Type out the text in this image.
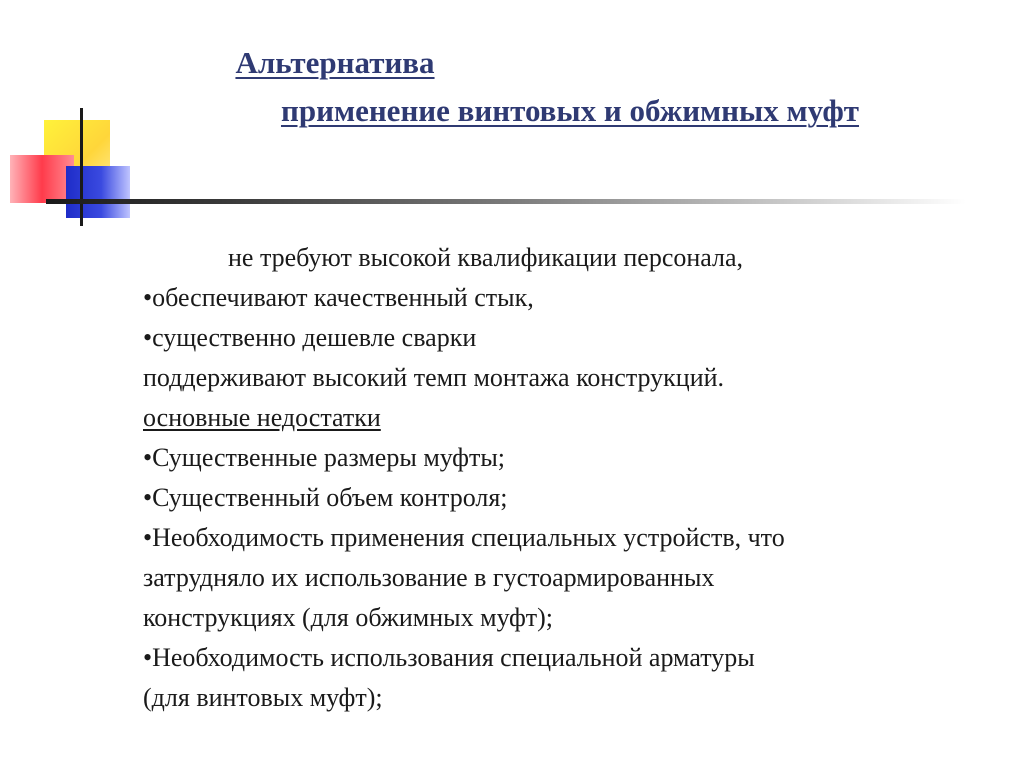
Альтернатива
применение винтовых и обжимных муфт
не требуют высокой квалификации персонала,
•обеспечивают качественный стык,
•существенно дешевле сварки
поддерживают высокий темп монтажа конструкций.
основные недостатки
•Существенные размеры муфты;
•Существенный объем контроля;
•Необходимость применения специальных устройств, что
затрудняло их использование в густоармированных
конструкциях (для обжимных муфт);
•Необходимость использования специальной арматуры
(для винтовых муфт);
